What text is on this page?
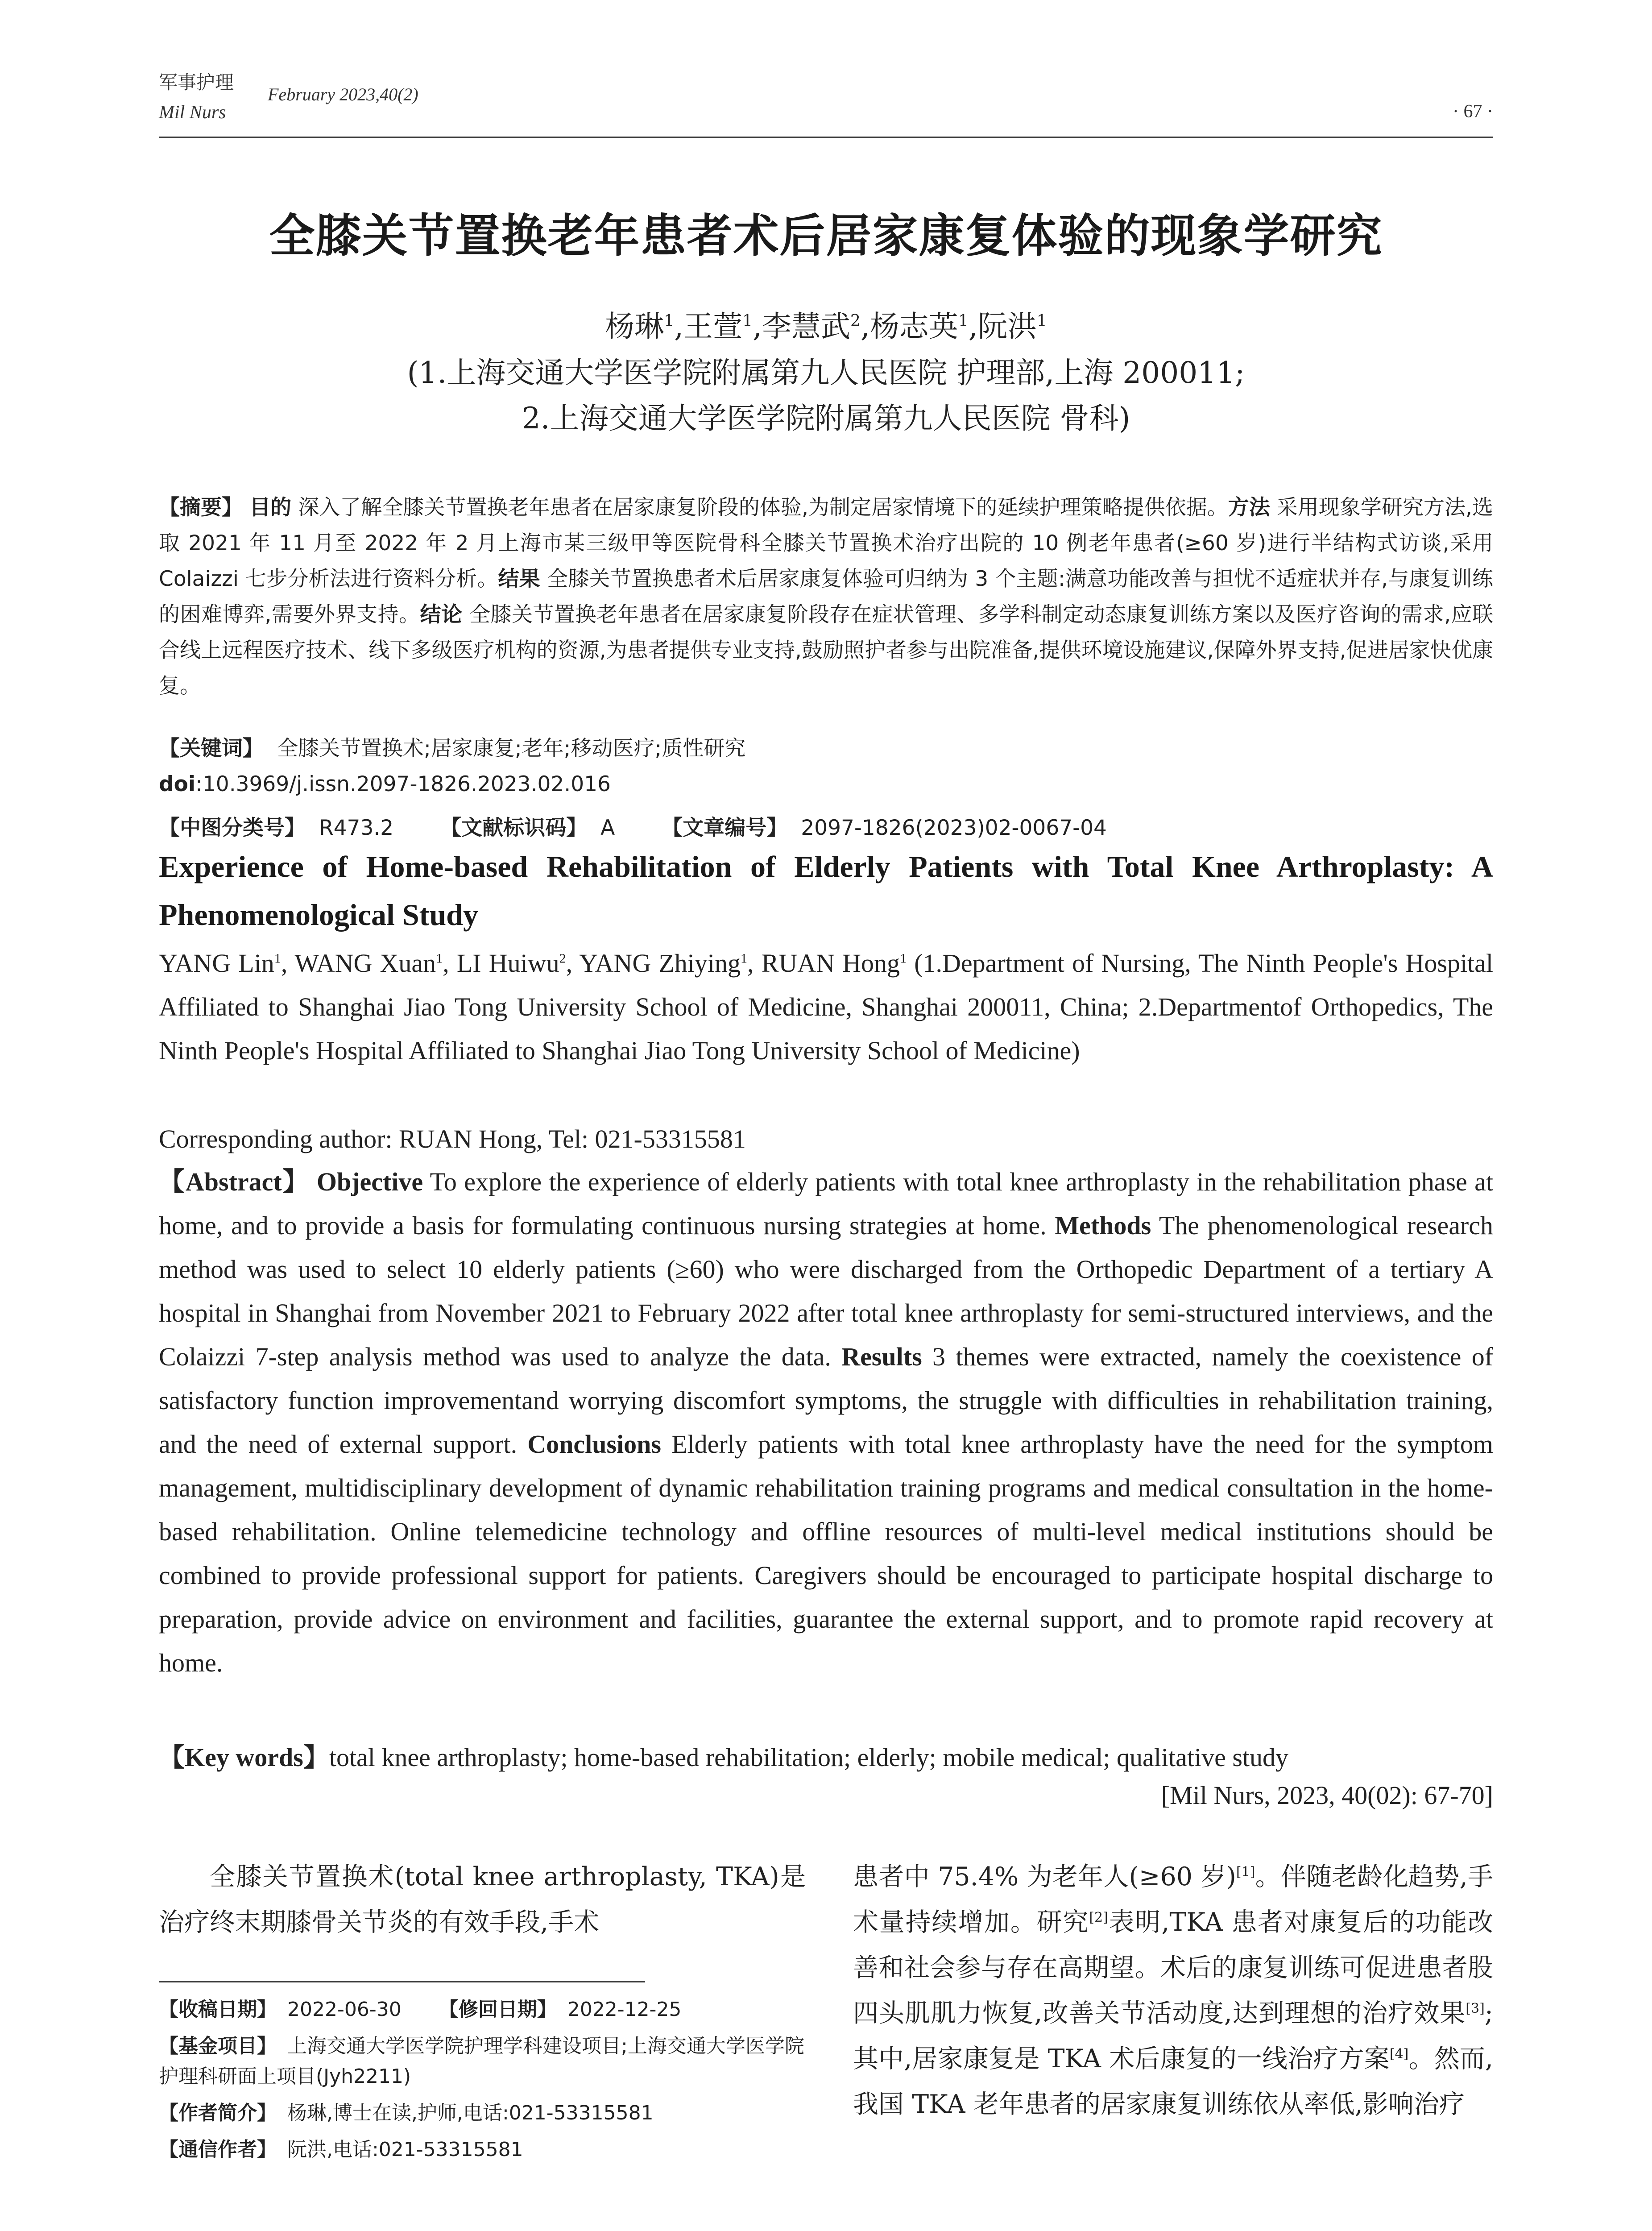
军事护理
Mil Nurs
February 2023,40(2)
· 67 ·
全膝关节置换老年患者术后居家康复体验的现象学研究
杨琳$^1$,王萱$^1$,李慧武$^2$,杨志英$^1$,阮洪$^1$
(1.上海交通大学医学院附属第九人民医院 护理部,上海 200011;
2.上海交通大学医学院附属第九人民医院 骨科)
【摘要】 目的 深入了解全膝关节置换老年患者在居家康复阶段的体验,为制定居家情境下的延续护理策略提供依据。方法 采用现象学研究方法,选取 2021 年 11 月至 2022 年 2 月上海市某三级甲等医院骨科全膝关节置换术治疗出院的 10 例老年患者(≥60 岁)进行半结构式访谈,采用 Colaizzi 七步分析法进行资料分析。结果 全膝关节置换患者术后居家康复体验可归纳为 3 个主题:满意功能改善与担忧不适症状并存,与康复训练的困难博弈,需要外界支持。结论 全膝关节置换老年患者在居家康复阶段存在症状管理、多学科制定动态康复训练方案以及医疗咨询的需求,应联合线上远程医疗技术、线下多级医疗机构的资源,为患者提供专业支持,鼓励照护者参与出院准备,提供环境设施建议,保障外界支持,促进居家快优康复。
【关键词】 全膝关节置换术;居家康复;老年;移动医疗;质性研究
doi:10.3969/j.issn.2097-1826.2023.02.016
【中图分类号】 R473.2 【文献标识码】 A 【文章编号】 2097-1826(2023)02-0067-04
Experience of Home-based Rehabilitation of Elderly Patients with Total Knee Arthroplasty: A Phenomenological Study
YANG Lin$^1$, WANG Xuan$^1$, LI Huiwu$^2$, YANG Zhiying$^1$, RUAN Hong$^1$ (1.Department of Nursing, The Ninth People's Hospital Affiliated to Shanghai Jiao Tong University School of Medicine, Shanghai 200011, China; 2.Departmentof Orthopedics, The Ninth People's Hospital Affiliated to Shanghai Jiao Tong University School of Medicine)
Corresponding author: RUAN Hong, Tel: 021-53315581
【Abstract】 Objective To explore the experience of elderly patients with total knee arthroplasty in the rehabilitation phase at home, and to provide a basis for formulating continuous nursing strategies at home. Methods The phenomenological research method was used to select 10 elderly patients (≥60) who were discharged from the Orthopedic Department of a tertiary A hospital in Shanghai from November 2021 to February 2022 after total knee arthroplasty for semi-structured interviews, and the Colaizzi 7-step analysis method was used to analyze the data. Results 3 themes were extracted, namely the coexistence of satisfactory function improvementand worrying discomfort symptoms, the struggle with difficulties in rehabilitation training, and the need of external support. Conclusions Elderly patients with total knee arthroplasty have the need for the symptom management, multidisciplinary development of dynamic rehabilitation training programs and medical consultation in the home-based rehabilitation. Online telemedicine technology and offline resources of multi-level medical institutions should be combined to provide professional support for patients. Caregivers should be encouraged to participate hospital discharge to preparation, provide advice on environment and facilities, guarantee the external support, and to promote rapid recovery at home.
【Key words】total knee arthroplasty; home-based rehabilitation; elderly; mobile medical; qualitative study
[Mil Nurs, 2023, 40(02): 67-70]
全膝关节置换术(total knee arthroplasty, TKA)是治疗终末期膝骨关节炎的有效手段,手术
患者中 75.4% 为老年人(≥60 岁)[1]。伴随老龄化趋势,手术量持续增加。研究[2]表明,TKA 患者对康复后的功能改善和社会参与存在高期望。术后的康复训练可促进患者股四头肌肌力恢复,改善关节活动度,达到理想的治疗效果[3];其中,居家康复是 TKA 术后康复的一线治疗方案[4]。然而,我国 TKA 老年患者的居家康复训练依从率低,影响治疗
【收稿日期】 2022-06-30 【修回日期】 2022-12-25
【基金项目】 上海交通大学医学院护理学科建设项目;上海交通大学医学院护理科研面上项目(Jyh2211)
【作者简介】 杨琳,博士在读,护师,电话:021-53315581
【通信作者】 阮洪,电话:021-53315581
